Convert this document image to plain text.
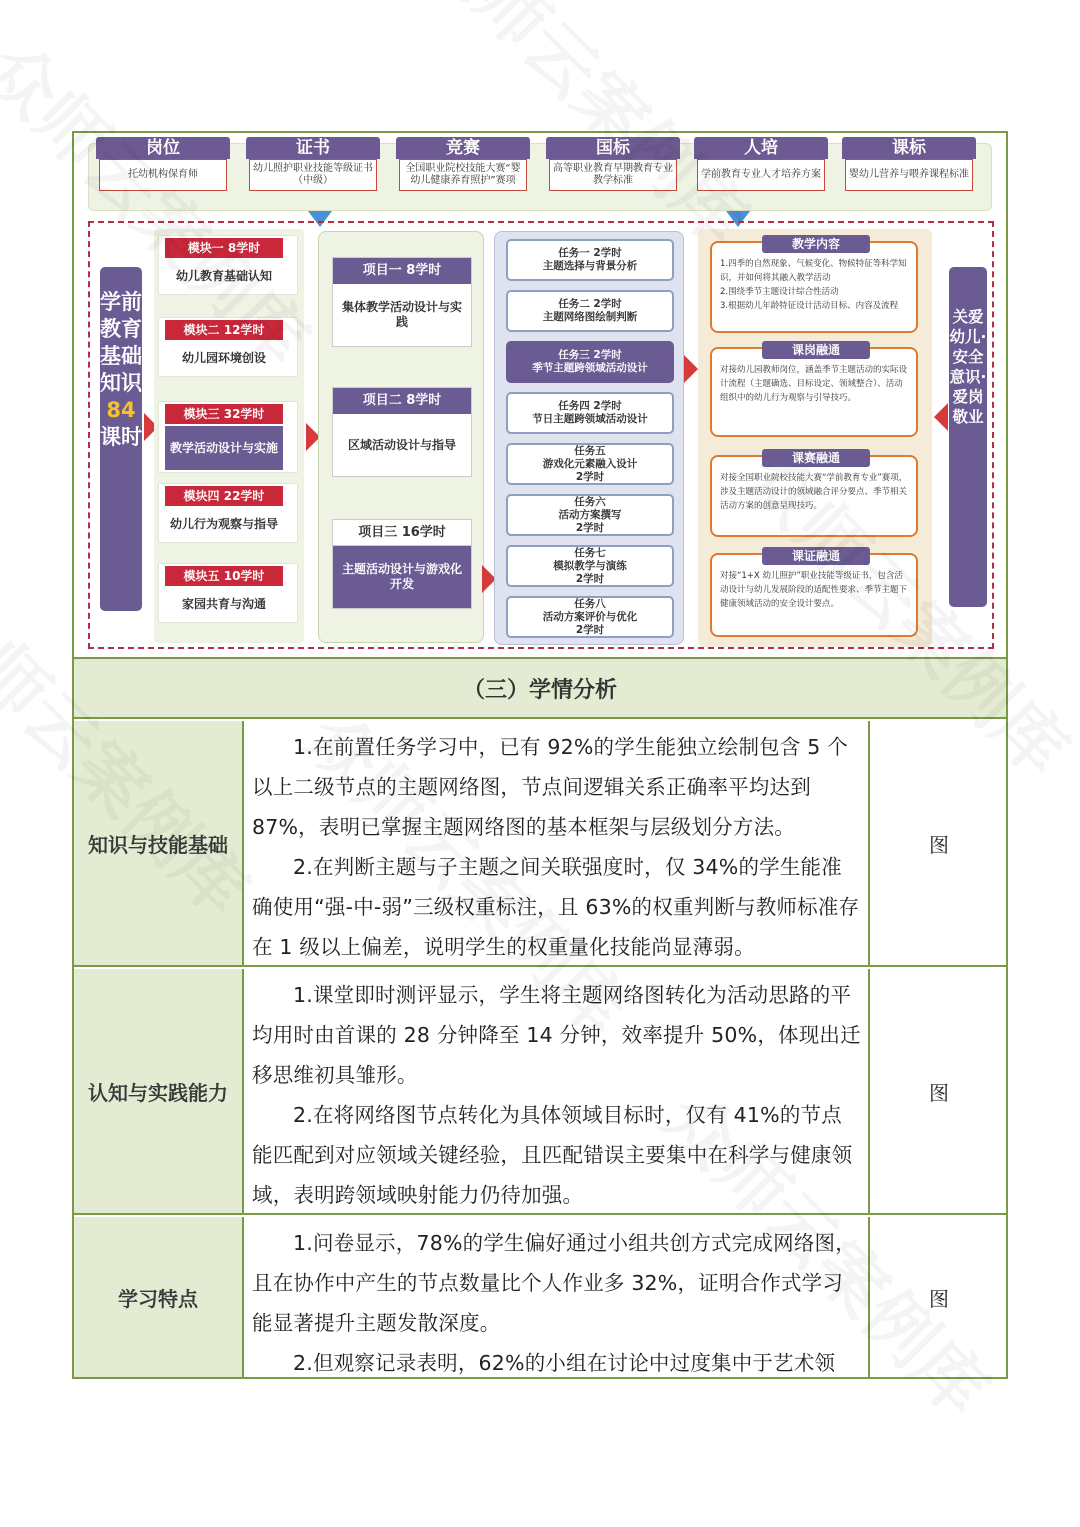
岗位
托幼机构保育师
证书
幼儿照护职业技能等级证书（中级）
竞赛
全国职业院校技能大赛“婴幼儿健康养育照护”赛项
国标
高等职业教育早期教育专业教学标准
人培
学前教育专业人才培养方案
课标
婴幼儿营养与喂养课程标准
学前教育基础知识
84
课时
模块一 8学时
幼儿教育基础认知
模块二 12学时
幼儿园环境创设
模块三 32学时
教学活动设计与实施
模块四 22学时
幼儿行为观察与指导
模块五 10学时
家园共育与沟通
项目一 8学时
集体教学活动设计与实践
项目二 8学时
区域活动设计与指导
项目三 16学时
主题活动设计与游戏化开发
任务一 2学时
主题选择与背景分析
任务二 2学时
主题网络图绘制判断
任务三 2学时
季节主题跨领域活动设计
任务四 2学时
节日主题跨领域活动设计
任务五
游戏化元素融入设计
2学时
任务六
活动方案撰写
2学时
任务七
模拟教学与演练
2学时
任务八
活动方案评价与优化
2学时
教学内容
1.四季的自然现象、气候变化、物候特征等科学知识，并如何将其融入教学活动
2.围绕季节主题设计综合性活动
3.根据幼儿年龄特征设计活动目标、内容及流程
课岗融通
对接幼儿园教师岗位，涵盖季节主题活动的实际设计流程（主题确选、目标设定、领域整合）、活动组织中的幼儿行为观察与引导技巧。
课赛融通
对接全国职业院校技能大赛“学前教育专业”赛项，涉及主题活动设计的领域融合评分要点、季节相关活动方案的创意呈现技巧。
课证融通
对接“1+X 幼儿照护”职业技能等级证书，包含活动设计与幼儿发展阶段的适配性要求、季节主题下健康领域活动的安全设计要点。
关爱幼儿·安全意识·爱岗敬业
（三）学情分析
知识与技能基础

1.在前置任务学习中，已有 92%的学生能独立绘制包含 5 个以上二级节点的主题网络图，节点间逻辑关系正确率平均达到 87%，表明已掌握主题网络图的基本框架与层级划分方法。

2.在判断主题与子主题之间关联强度时，仅 34%的学生能准确使用“强-中-弱”三级权重标注，且 63%的权重判断与教师标准存在 1 级以上偏差，说明学生的权重量化技能尚显薄弱。

图
认知与实践能力

1.课堂即时测评显示，学生将主题网络图转化为活动思路的平均用时由首课的 28 分钟降至 14 分钟，效率提升 50%，体现出迁移思维初具雏形。

2.在将网络图节点转化为具体领域目标时，仅有 41%的节点能匹配到对应领域关键经验，且匹配错误主要集中在科学与健康领域，表明跨领域映射能力仍待加强。

图
学习特点

1.问卷显示，78%的学生偏好通过小组共创方式完成网络图，且在协作中产生的节点数量比个人作业多 32%，证明合作式学习能显著提升主题发散深度。

2.但观察记录表明，62%的小组在讨论中过度集中于艺术领

图
